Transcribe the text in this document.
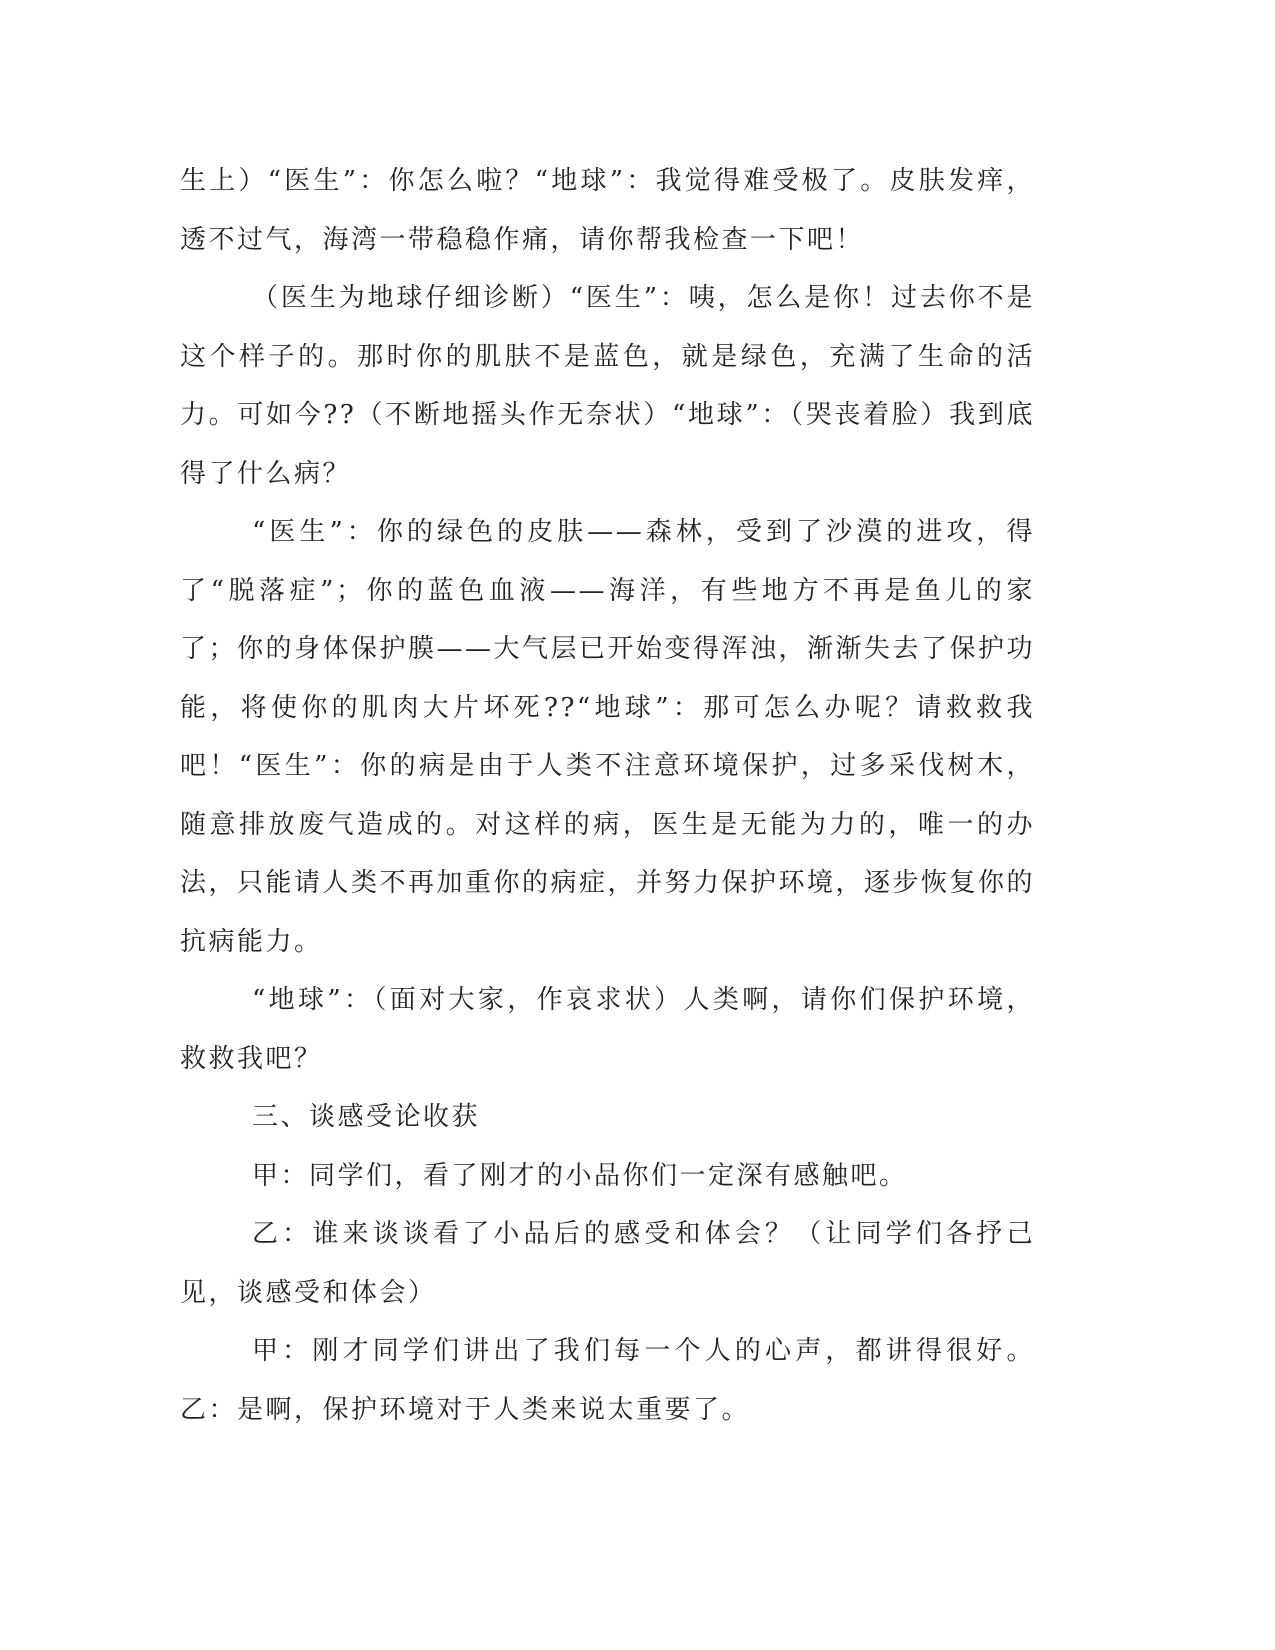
生上）“医生”：你怎么啦？“地球”：我觉得难受极了。皮肤发痒，透不过气，海湾一带稳稳作痛，请你帮我检查一下吧！

（医生为地球仔细诊断）“医生”：咦，怎么是你！过去你不是这个样子的。那时你的肌肤不是蓝色，就是绿色，充满了生命的活力。可如今??（不断地摇头作无奈状）“地球”：（哭丧着脸）我到底得了什么病？

“医生”：你的绿色的皮肤——森林，受到了沙漠的进攻，得了“脱落症”；你的蓝色血液——海洋，有些地方不再是鱼儿的家了；你的身体保护膜——大气层已开始变得浑浊，渐渐失去了保护功能，将使你的肌肉大片坏死??“地球”：那可怎么办呢？请救救我吧！“医生”：你的病是由于人类不注意环境保护，过多采伐树木，随意排放废气造成的。对这样的病，医生是无能为力的，唯一的办法，只能请人类不再加重你的病症，并努力保护环境，逐步恢复你的抗病能力。

“地球”：（面对大家，作哀求状）人类啊，请你们保护环境，救救我吧？

三、谈感受论收获

甲：同学们，看了刚才的小品你们一定深有感触吧。

乙：谁来谈谈看了小品后的感受和体会？（让同学们各抒己见，谈感受和体会）

甲：刚才同学们讲出了我们每一个人的心声，都讲得很好。乙：是啊，保护环境对于人类来说太重要了。
